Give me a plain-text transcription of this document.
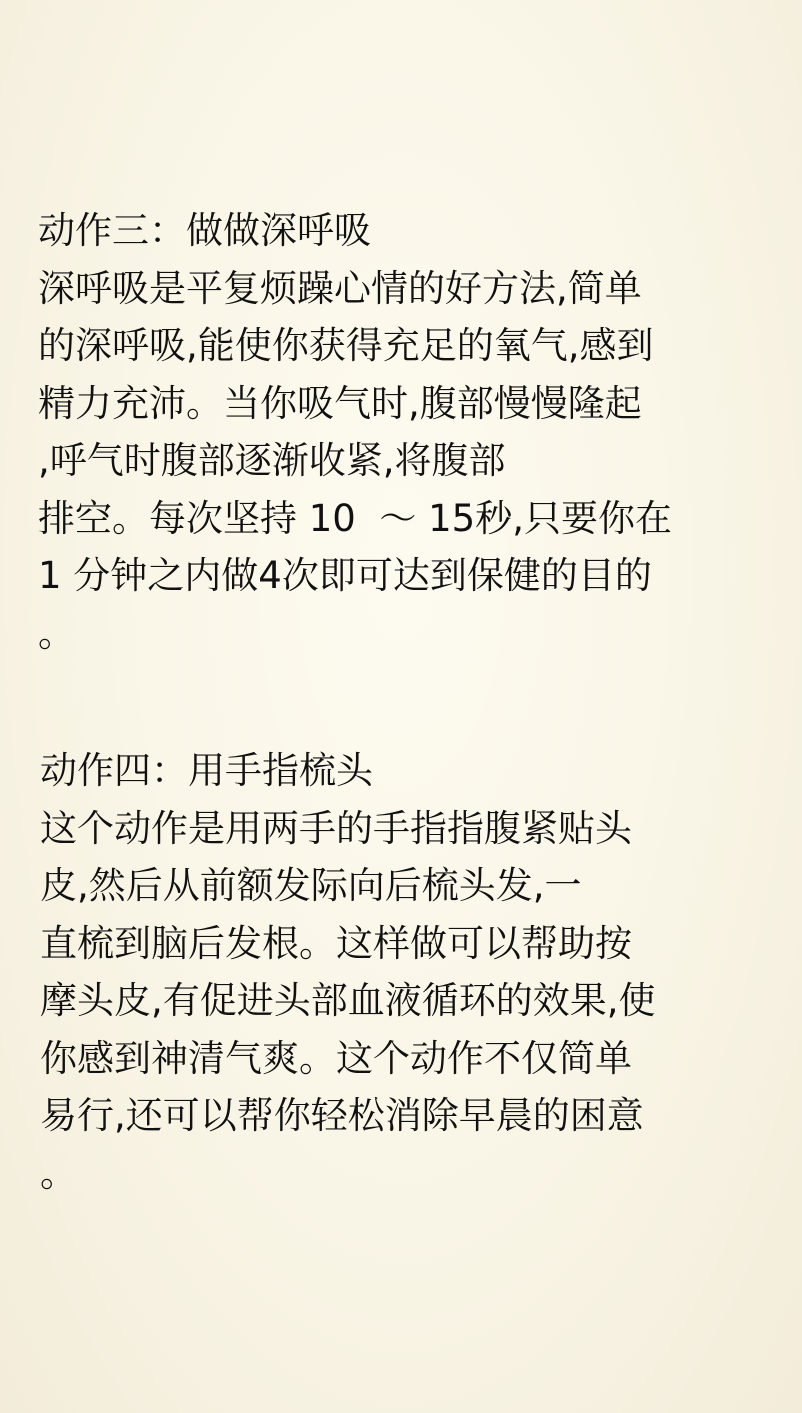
动作三：做做深呼吸
深呼吸是平复烦躁心情的好方法,简单
的深呼吸,能使你获得充足的氧气,感到
精力充沛。当你吸气时,腹部慢慢隆起
,呼气时腹部逐渐收紧,将腹部
排空。每次坚持 10  ～ 15秒,只要你在
1 分钟之内做4次即可达到保健的目的
。
动作四：用手指梳头
这个动作是用两手的手指指腹紧贴头
皮,然后从前额发际向后梳头发,一
直梳到脑后发根。这样做可以帮助按
摩头皮,有促进头部血液循环的效果,使
你感到神清气爽。这个动作不仅简单
易行,还可以帮你轻松消除早晨的困意
。
